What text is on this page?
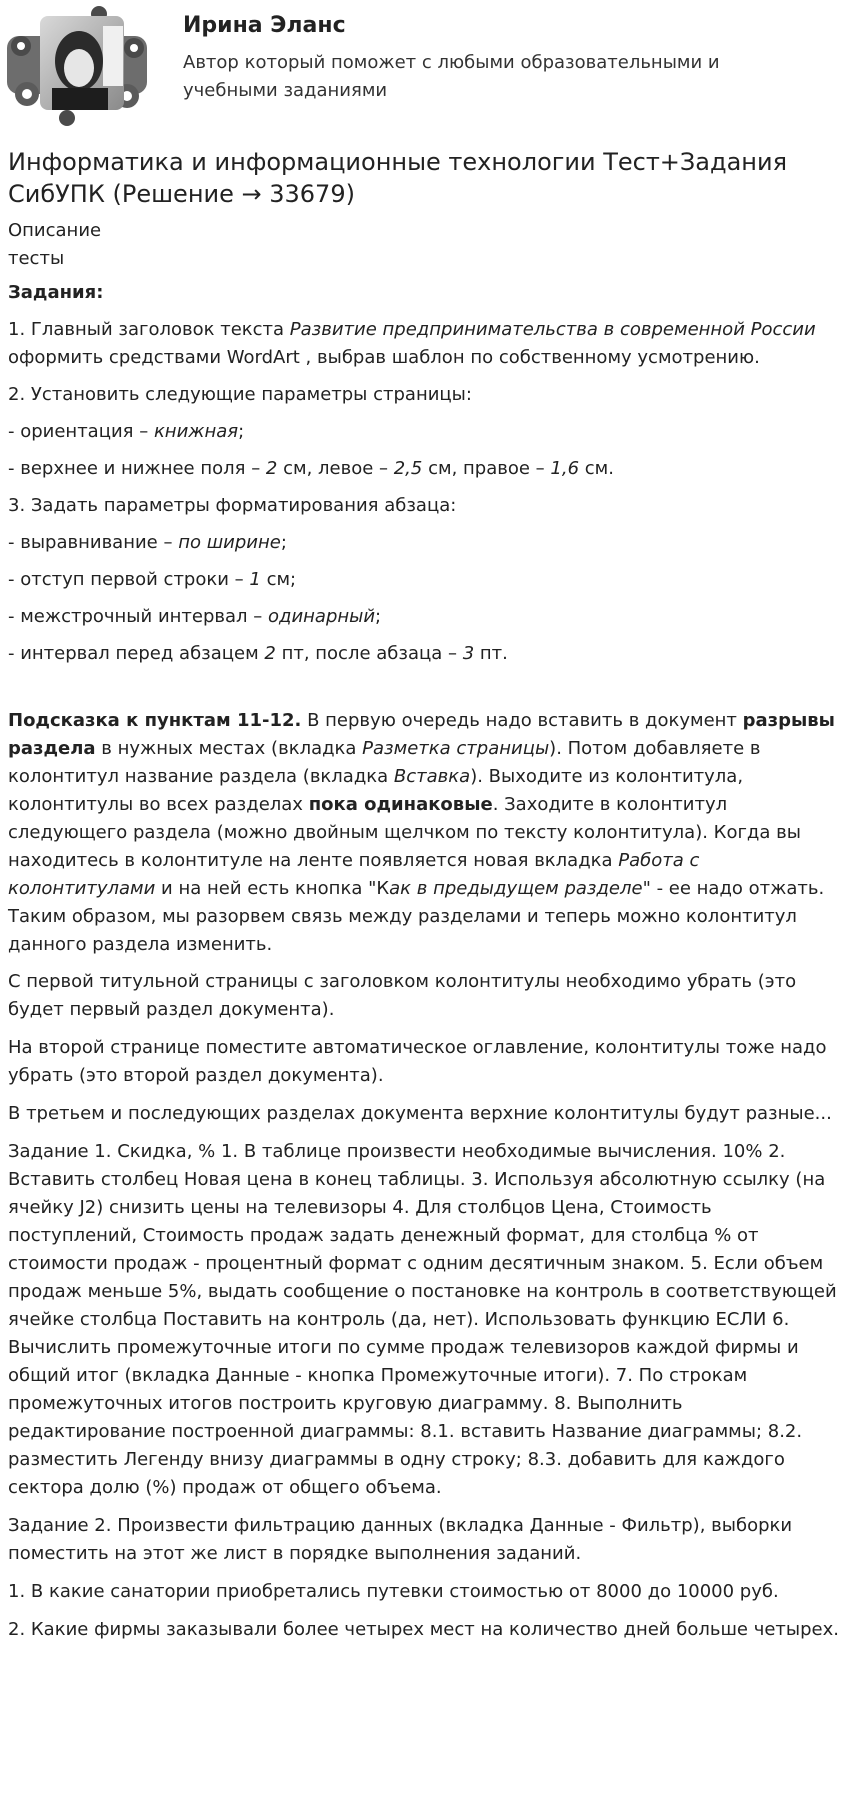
Ирина Эланс
Автор который поможет с любыми образовательными и учебными заданиями
Информатика и информационные технологии Тест+Задания СибУПК (Решение → 33679)
Описание
тесты

Задания:

1. Главный заголовок текста Развитие предпринимательства в современной России оформить средствами WordArt , выбрав шаблон по собственному усмотрению.

2. Установить следующие параметры страницы:

- ориентация – книжная;

- верхнее и нижнее поля – 2 см, левое – 2,5 см, правое – 1,6 см.

3. Задать параметры форматирования абзаца:

- выравнивание – по ширине;

- отступ первой строки – 1 см;

- межстрочный интервал – одинарный;

- интервал перед абзацем 2 пт, после абзаца – 3 пт.

Подсказка к пунктам 11-12. В первую очередь надо вставить в документ разрывы раздела в нужных местах (вкладка Разметка страницы). Потом добавляете в колонтитул название раздела (вкладка Вставка). Выходите из колонтитула, колонтитулы во всех разделах пока одинаковые. Заходите в колонтитул следующего раздела (можно двойным щелчком по тексту колонтитула). Когда вы находитесь в колонтитуле на ленте появляется новая вкладка Работа с колонтитулами и на ней есть кнопка "Как в предыдущем разделе" - ее надо отжать. Таким образом, мы разорвем связь между разделами и теперь можно колонтитул данного раздела изменить.

С первой титульной страницы с заголовком колонтитулы необходимо убрать (это будет первый раздел документа).

На второй странице поместите автоматическое оглавление, колонтитулы тоже надо убрать (это второй раздел документа).

В третьем и последующих разделах документа верхние колонтитулы будут разные...

Задание 1. Скидка, % 1. В таблице произвести необходимые вычисления. 10% 2. Вставить столбец Новая цена в конец таблицы. 3. Используя абсолютную ссылку (на ячейку J2) снизить цены на телевизоры 4. Для столбцов Цена, Стоимость поступлений, Стоимость продаж задать денежный формат, для столбца % от стоимости продаж - процентный формат с одним десятичным знаком. 5. Если объем продаж меньше 5%, выдать сообщение о постановке на контроль в соответствующей ячейке столбца Поставить на контроль (да, нет). Использовать функцию ЕСЛИ 6. Вычислить промежуточные итоги по сумме продаж телевизоров каждой фирмы и общий итог (вкладка Данные - кнопка Промежуточные итоги). 7. По строкам промежуточных итогов построить круговую диаграмму. 8. Выполнить редактирование построенной диаграммы: 8.1. вставить Название диаграммы; 8.2. разместить Легенду внизу диаграммы в одну строку; 8.3. добавить для каждого сектора долю (%) продаж от общего объема.

Задание 2. Произвести фильтрацию данных (вкладка Данные - Фильтр), выборки поместить на этот же лист в порядке выполнения заданий.

1. В какие санатории приобретались путевки стоимостью от 8000 до 10000 руб.

2. Какие фирмы заказывали более четырех мест на количество дней больше четырех.
